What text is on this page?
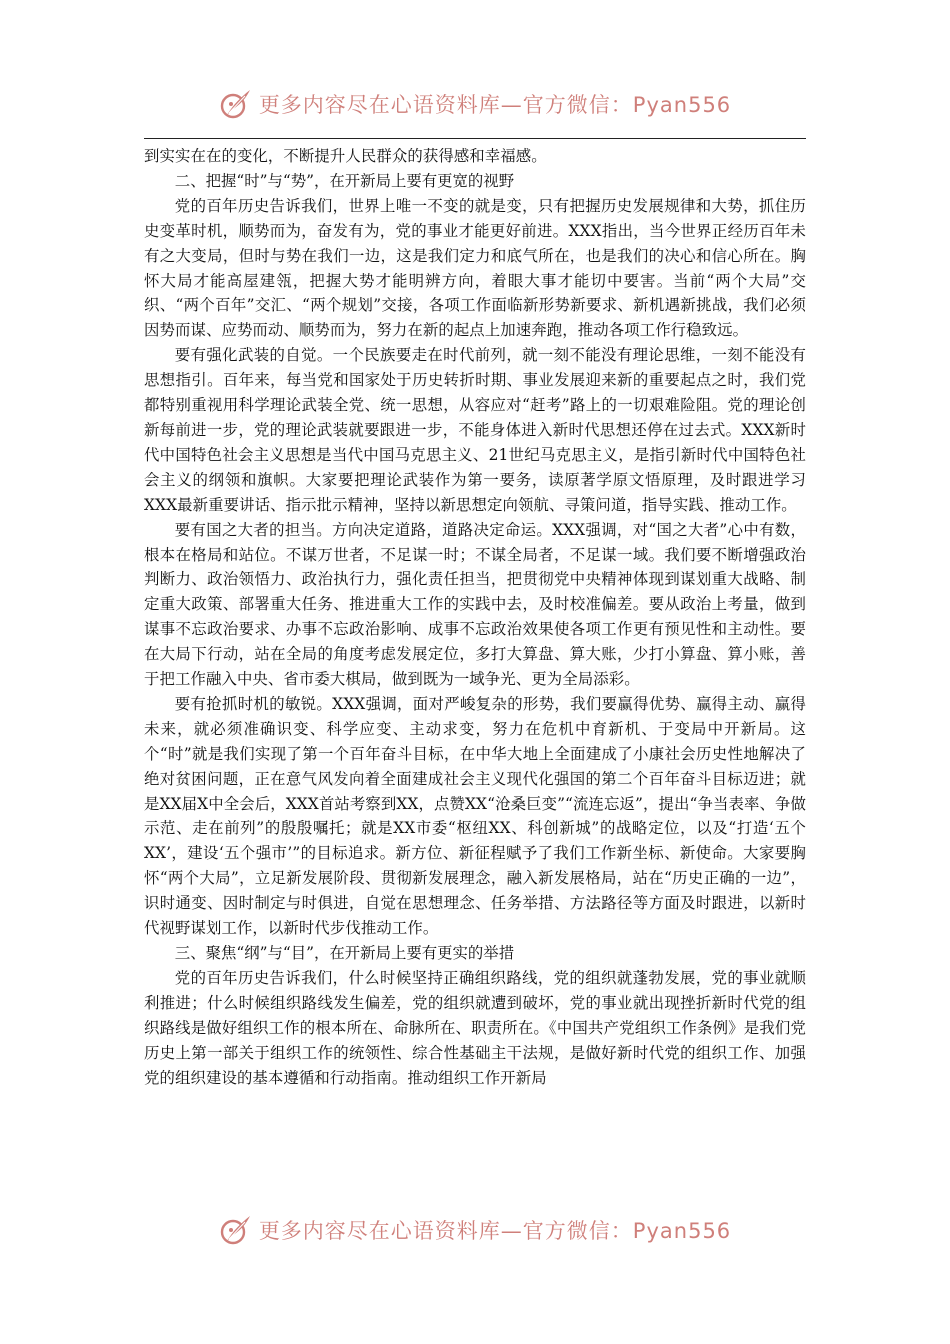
更多内容尽在心语资料库—官方微信：Pyan556

到实实在在的变化，不断提升人民群众的获得感和幸福感。

二、把握“时”与“势”，在开新局上要有更宽的视野

党的百年历史告诉我们，世界上唯一不变的就是变，只有把握历史发展规律和大势，抓住历史变革时机，顺势而为，奋发有为，党的事业才能更好前进。XXX指出，当今世界正经历百年未有之大变局，但时与势在我们一边，这是我们定力和底气所在，也是我们的决心和信心所在。胸怀大局才能高屋建瓴，把握大势才能明辨方向，着眼大事才能切中要害。当前“两个大局”交织、“两个百年”交汇、“两个规划”交接，各项工作面临新形势新要求、新机遇新挑战，我们必须因势而谋、应势而动、顺势而为，努力在新的起点上加速奔跑，推动各项工作行稳致远。

要有强化武装的自觉。一个民族要走在时代前列，就一刻不能没有理论思维，一刻不能没有思想指引。百年来，每当党和国家处于历史转折时期、事业发展迎来新的重要起点之时，我们党都特别重视用科学理论武装全党、统一思想，从容应对“赶考”路上的一切艰难险阻。党的理论创新每前进一步，党的理论武装就要跟进一步，不能身体进入新时代思想还停在过去式。XXX新时代中国特色社会主义思想是当代中国马克思主义、21世纪马克思主义，是指引新时代中国特色社会主义的纲领和旗帜。大家要把理论武装作为第一要务，读原著学原文悟原理，及时跟进学习XXX最新重要讲话、指示批示精神，坚持以新思想定向领航、寻策问道，指导实践、推动工作。

要有国之大者的担当。方向决定道路，道路决定命运。XXX强调，对“国之大者”心中有数，根本在格局和站位。不谋万世者，不足谋一时；不谋全局者，不足谋一域。我们要不断增强政治判断力、政治领悟力、政治执行力，强化责任担当，把贯彻党中央精神体现到谋划重大战略、制定重大政策、部署重大任务、推进重大工作的实践中去，及时校准偏差。要从政治上考量，做到谋事不忘政治要求、办事不忘政治影响、成事不忘政治效果使各项工作更有预见性和主动性。要在大局下行动，站在全局的角度考虑发展定位，多打大算盘、算大账，少打小算盘、算小账，善于把工作融入中央、省市委大棋局，做到既为一域争光、更为全局添彩。

要有抢抓时机的敏锐。XXX强调，面对严峻复杂的形势，我们要赢得优势、赢得主动、赢得未来，就必须准确识变、科学应变、主动求变，努力在危机中育新机、于变局中开新局。这个“时”就是我们实现了第一个百年奋斗目标，在中华大地上全面建成了小康社会历史性地解决了绝对贫困问题，正在意气风发向着全面建成社会主义现代化强国的第二个百年奋斗目标迈进；就是XX届X中全会后，XXX首站考察到XX，点赞XX“沧桑巨变”“流连忘返”，提出“争当表率、争做示范、走在前列”的殷殷嘱托；就是XX市委“枢纽XX、科创新城”的战略定位，以及“打造‘五个XX’，建设‘五个强市’”的目标追求。新方位、新征程赋予了我们工作新坐标、新使命。大家要胸怀“两个大局”，立足新发展阶段、贯彻新发展理念，融入新发展格局，站在“历史正确的一边”，识时通变、因时制定与时俱进，自觉在思想理念、任务举措、方法路径等方面及时跟进，以新时代视野谋划工作，以新时代步伐推动工作。

三、聚焦“纲”与“目”，在开新局上要有更实的举措

党的百年历史告诉我们，什么时候坚持正确组织路线，党的组织就蓬勃发展，党的事业就顺利推进；什么时候组织路线发生偏差，党的组织就遭到破坏，党的事业就出现挫折新时代党的组织路线是做好组织工作的根本所在、命脉所在、职责所在。《中国共产党组织工作条例》是我们党历史上第一部关于组织工作的统领性、综合性基础主干法规，是做好新时代党的组织工作、加强党的组织建设的基本遵循和行动指南。推动组织工作开新局

更多内容尽在心语资料库—官方微信：Pyan556
